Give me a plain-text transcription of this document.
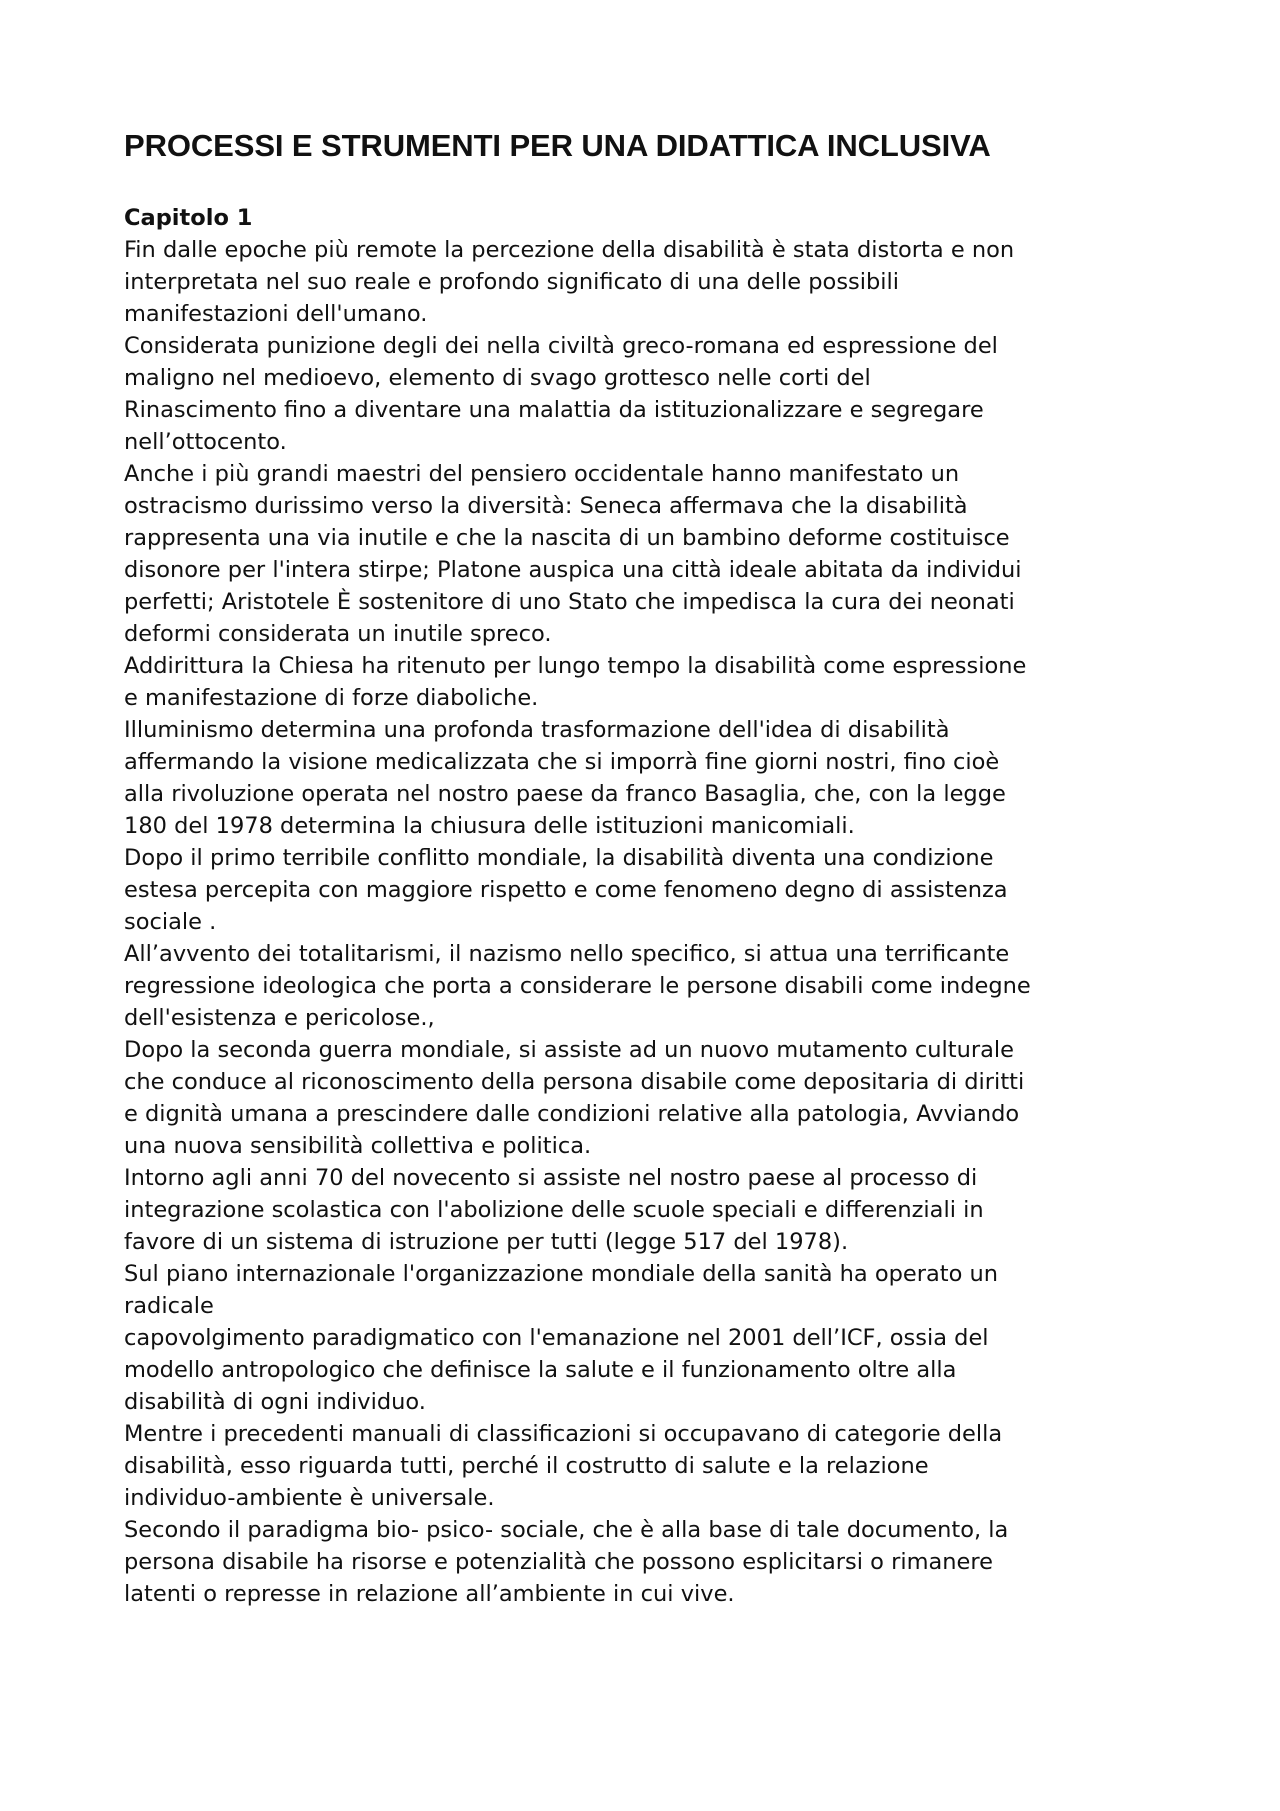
PROCESSI E STRUMENTI PER UNA DIDATTICA INCLUSIVA
Capitolo 1
Fin dalle epoche più remote la percezione della disabilità è stata distorta e non
interpretata nel suo reale e profondo significato di una delle possibili
manifestazioni dell'umano.
Considerata punizione degli dei nella civiltà greco-romana ed espressione del
maligno nel medioevo, elemento di svago grottesco nelle corti del
Rinascimento fino a diventare una malattia da istituzionalizzare e segregare
nell’ottocento.
Anche i più grandi maestri del pensiero occidentale hanno manifestato un
ostracismo durissimo verso la diversità: Seneca affermava che la disabilità
rappresenta una via inutile e che la nascita di un bambino deforme costituisce
disonore per l'intera stirpe; Platone auspica una città ideale abitata da individui
perfetti; Aristotele È sostenitore di uno Stato che impedisca la cura dei neonati
deformi considerata un inutile spreco.
Addirittura la Chiesa ha ritenuto per lungo tempo la disabilità come espressione
e manifestazione di forze diaboliche.
Illuminismo determina una profonda trasformazione dell'idea di disabilità
affermando la visione medicalizzata che si imporrà fine giorni nostri, fino cioè
alla rivoluzione operata nel nostro paese da franco Basaglia, che, con la legge
180 del 1978 determina la chiusura delle istituzioni manicomiali.
Dopo il primo terribile conflitto mondiale, la disabilità diventa una condizione
estesa percepita con maggiore rispetto e come fenomeno degno di assistenza
sociale .
All’avvento dei totalitarismi, il nazismo nello specifico, si attua una terrificante
regressione ideologica che porta a considerare le persone disabili come indegne
dell'esistenza e pericolose.,
Dopo la seconda guerra mondiale, si assiste ad un nuovo mutamento culturale
che conduce al riconoscimento della persona disabile come depositaria di diritti
e dignità umana a prescindere dalle condizioni relative alla patologia, Avviando
una nuova sensibilità collettiva e politica.
Intorno agli anni 70 del novecento si assiste nel nostro paese al processo di
integrazione scolastica con l'abolizione delle scuole speciali e differenziali in
favore di un sistema di istruzione per tutti (legge 517 del 1978).
Sul piano internazionale l'organizzazione mondiale della sanità ha operato un
radicale
capovolgimento paradigmatico con l'emanazione nel 2001 dell’ICF, ossia del
modello antropologico che definisce la salute e il funzionamento oltre alla
disabilità di ogni individuo.
Mentre i precedenti manuali di classificazioni si occupavano di categorie della
disabilità, esso riguarda tutti, perché il costrutto di salute e la relazione
individuo-ambiente è universale.
Secondo il paradigma bio- psico- sociale, che è alla base di tale documento, la
persona disabile ha risorse e potenzialità che possono esplicitarsi o rimanere
latenti o represse in relazione all’ambiente in cui vive.
